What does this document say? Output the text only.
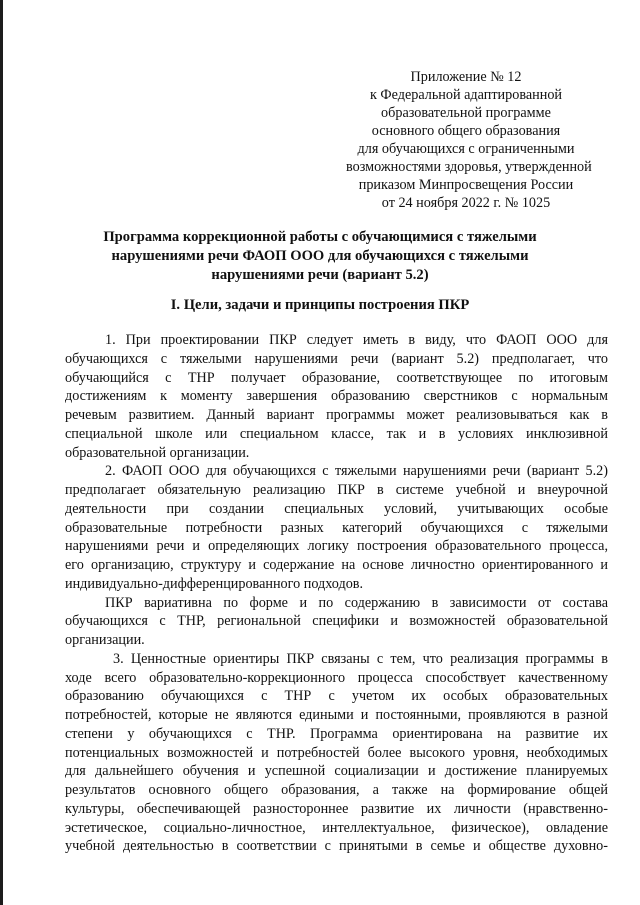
Приложение № 12
к Федеральной адаптированной
образовательной программе
основного общего образования
для обучающихся с ограниченными
возможностями здоровья, утвержденной
приказом Минпросвещения России
от 24 ноября 2022 г. № 1025
Программа коррекционной работы с обучающимися с тяжелыми
нарушениями речи ФАОП ООО для обучающихся с тяжелыми
нарушениями речи (вариант 5.2)
I. Цели, задачи и принципы построения ПКР
1. При проектировании ПКР следует иметь в виду, что ФАОП ООО для
обучающихся с тяжелыми нарушениями речи (вариант 5.2) предполагает, что
обучающийся с ТНР получает образование, соответствующее по итоговым
достижениям к моменту завершения образованию сверстников с нормальным
речевым развитием. Данный вариант программы может реализовываться как в
специальной школе или специальном классе, так и в условиях инклюзивной
образовательной организации.
2. ФАОП ООО для обучающихся с тяжелыми нарушениями речи (вариант 5.2)
предполагает обязательную реализацию ПКР в системе учебной и внеурочной
деятельности при создании специальных условий, учитывающих особые
образовательные потребности разных категорий обучающихся с тяжелыми
нарушениями речи и определяющих логику построения образовательного процесса,
его организацию, структуру и содержание на основе личностно ориентированного и
индивидуально-дифференцированного подходов.
ПКР вариативна по форме и по содержанию в зависимости от состава
обучающихся с ТНР, региональной специфики и возможностей образовательной
организации.
3. Ценностные ориентиры ПКР связаны с тем, что реализация программы в
ходе всего образовательно-коррекционного процесса способствует качественному
образованию обучающихся с ТНР с учетом их особых образовательных
потребностей, которые не являются едиными и постоянными, проявляются в разной
степени у обучающихся с ТНР. Программа ориентирована на развитие их
потенциальных возможностей и потребностей более высокого уровня, необходимых
для дальнейшего обучения и успешной социализации и достижение планируемых
результатов основного общего образования, а также на формирование общей
культуры, обеспечивающей разностороннее развитие их личности (нравственно-
эстетическое, социально-личностное, интеллектуальное, физическое), овладение
учебной деятельностью в соответствии с принятыми в семье и обществе духовно-
